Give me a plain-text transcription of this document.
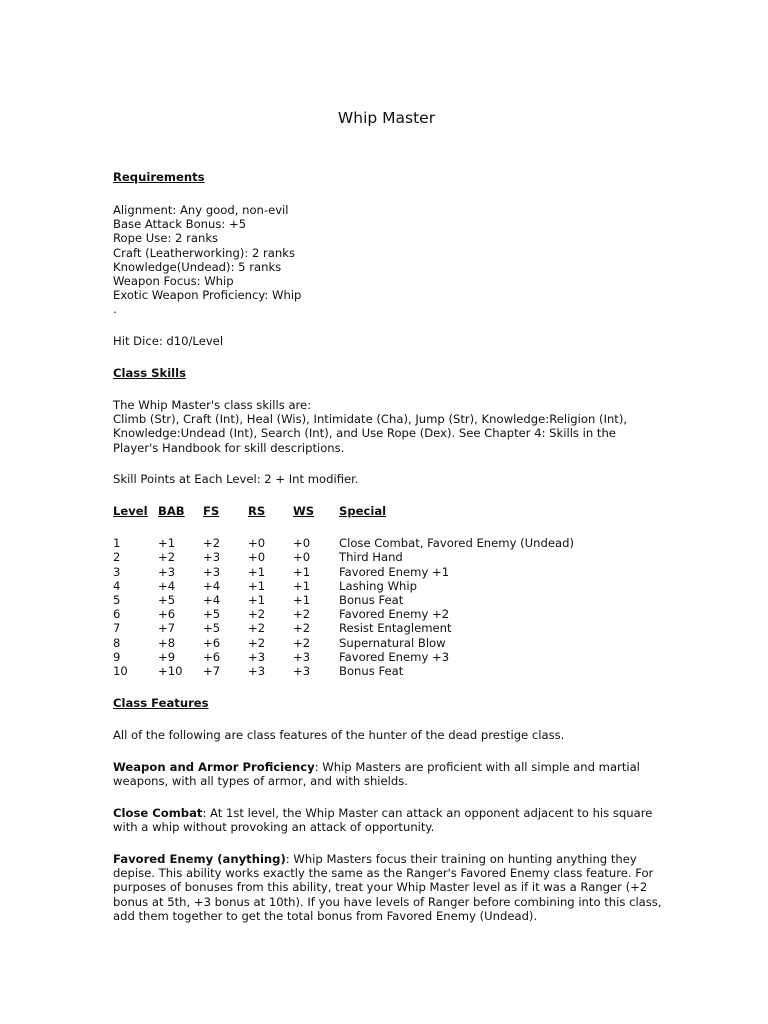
Whip Master
Requirements
Alignment: Any good, non-evil
Base Attack Bonus: +5
Rope Use: 2 ranks
Craft (Leatherworking): 2 ranks
Knowledge(Undead): 5 ranks
Weapon Focus: Whip
Exotic Weapon Proficiency: Whip
.
Hit Dice: d10/Level
Class Skills
The Whip Master's class skills are:
Climb (Str), Craft (Int), Heal (Wis), Intimidate (Cha), Jump (Str), Knowledge:Religion (Int),
Knowledge:Undead (Int), Search (Int), and Use Rope (Dex). See Chapter 4: Skills in the
Player's Handbook for skill descriptions.
Skill Points at Each Level: 2 + Int modifier.
Level	BAB	FS	RS	WS	Special

1	+1	+2	+0	+0	Close Combat, Favored Enemy (Undead)
2	+2	+3	+0	+0	Third Hand
3	+3	+3	+1	+1	Favored Enemy +1
4	+4	+4	+1	+1	Lashing Whip
5	+5	+4	+1	+1	Bonus Feat
6	+6	+5	+2	+2	Favored Enemy +2
7	+7	+5	+2	+2	Resist Entaglement
8	+8	+6	+2	+2	Supernatural Blow
9	+9	+6	+3	+3	Favored Enemy +3
10	+10	+7	+3	+3	Bonus Feat
Class Features
All of the following are class features of the hunter of the dead prestige class.
Weapon and Armor Proficiency: Whip Masters are proficient with all simple and martial
weapons, with all types of armor, and with shields.
Close Combat: At 1st level, the Whip Master can attack an opponent adjacent to his square
with a whip without provoking an attack of opportunity.
Favored Enemy (anything): Whip Masters focus their training on hunting anything they
depise. This ability works exactly the same as the Ranger's Favored Enemy class feature. For
purposes of bonuses from this ability, treat your Whip Master level as if it was a Ranger (+2
bonus at 5th, +3 bonus at 10th). If you have levels of Ranger before combining into this class,
add them together to get the total bonus from Favored Enemy (Undead).
